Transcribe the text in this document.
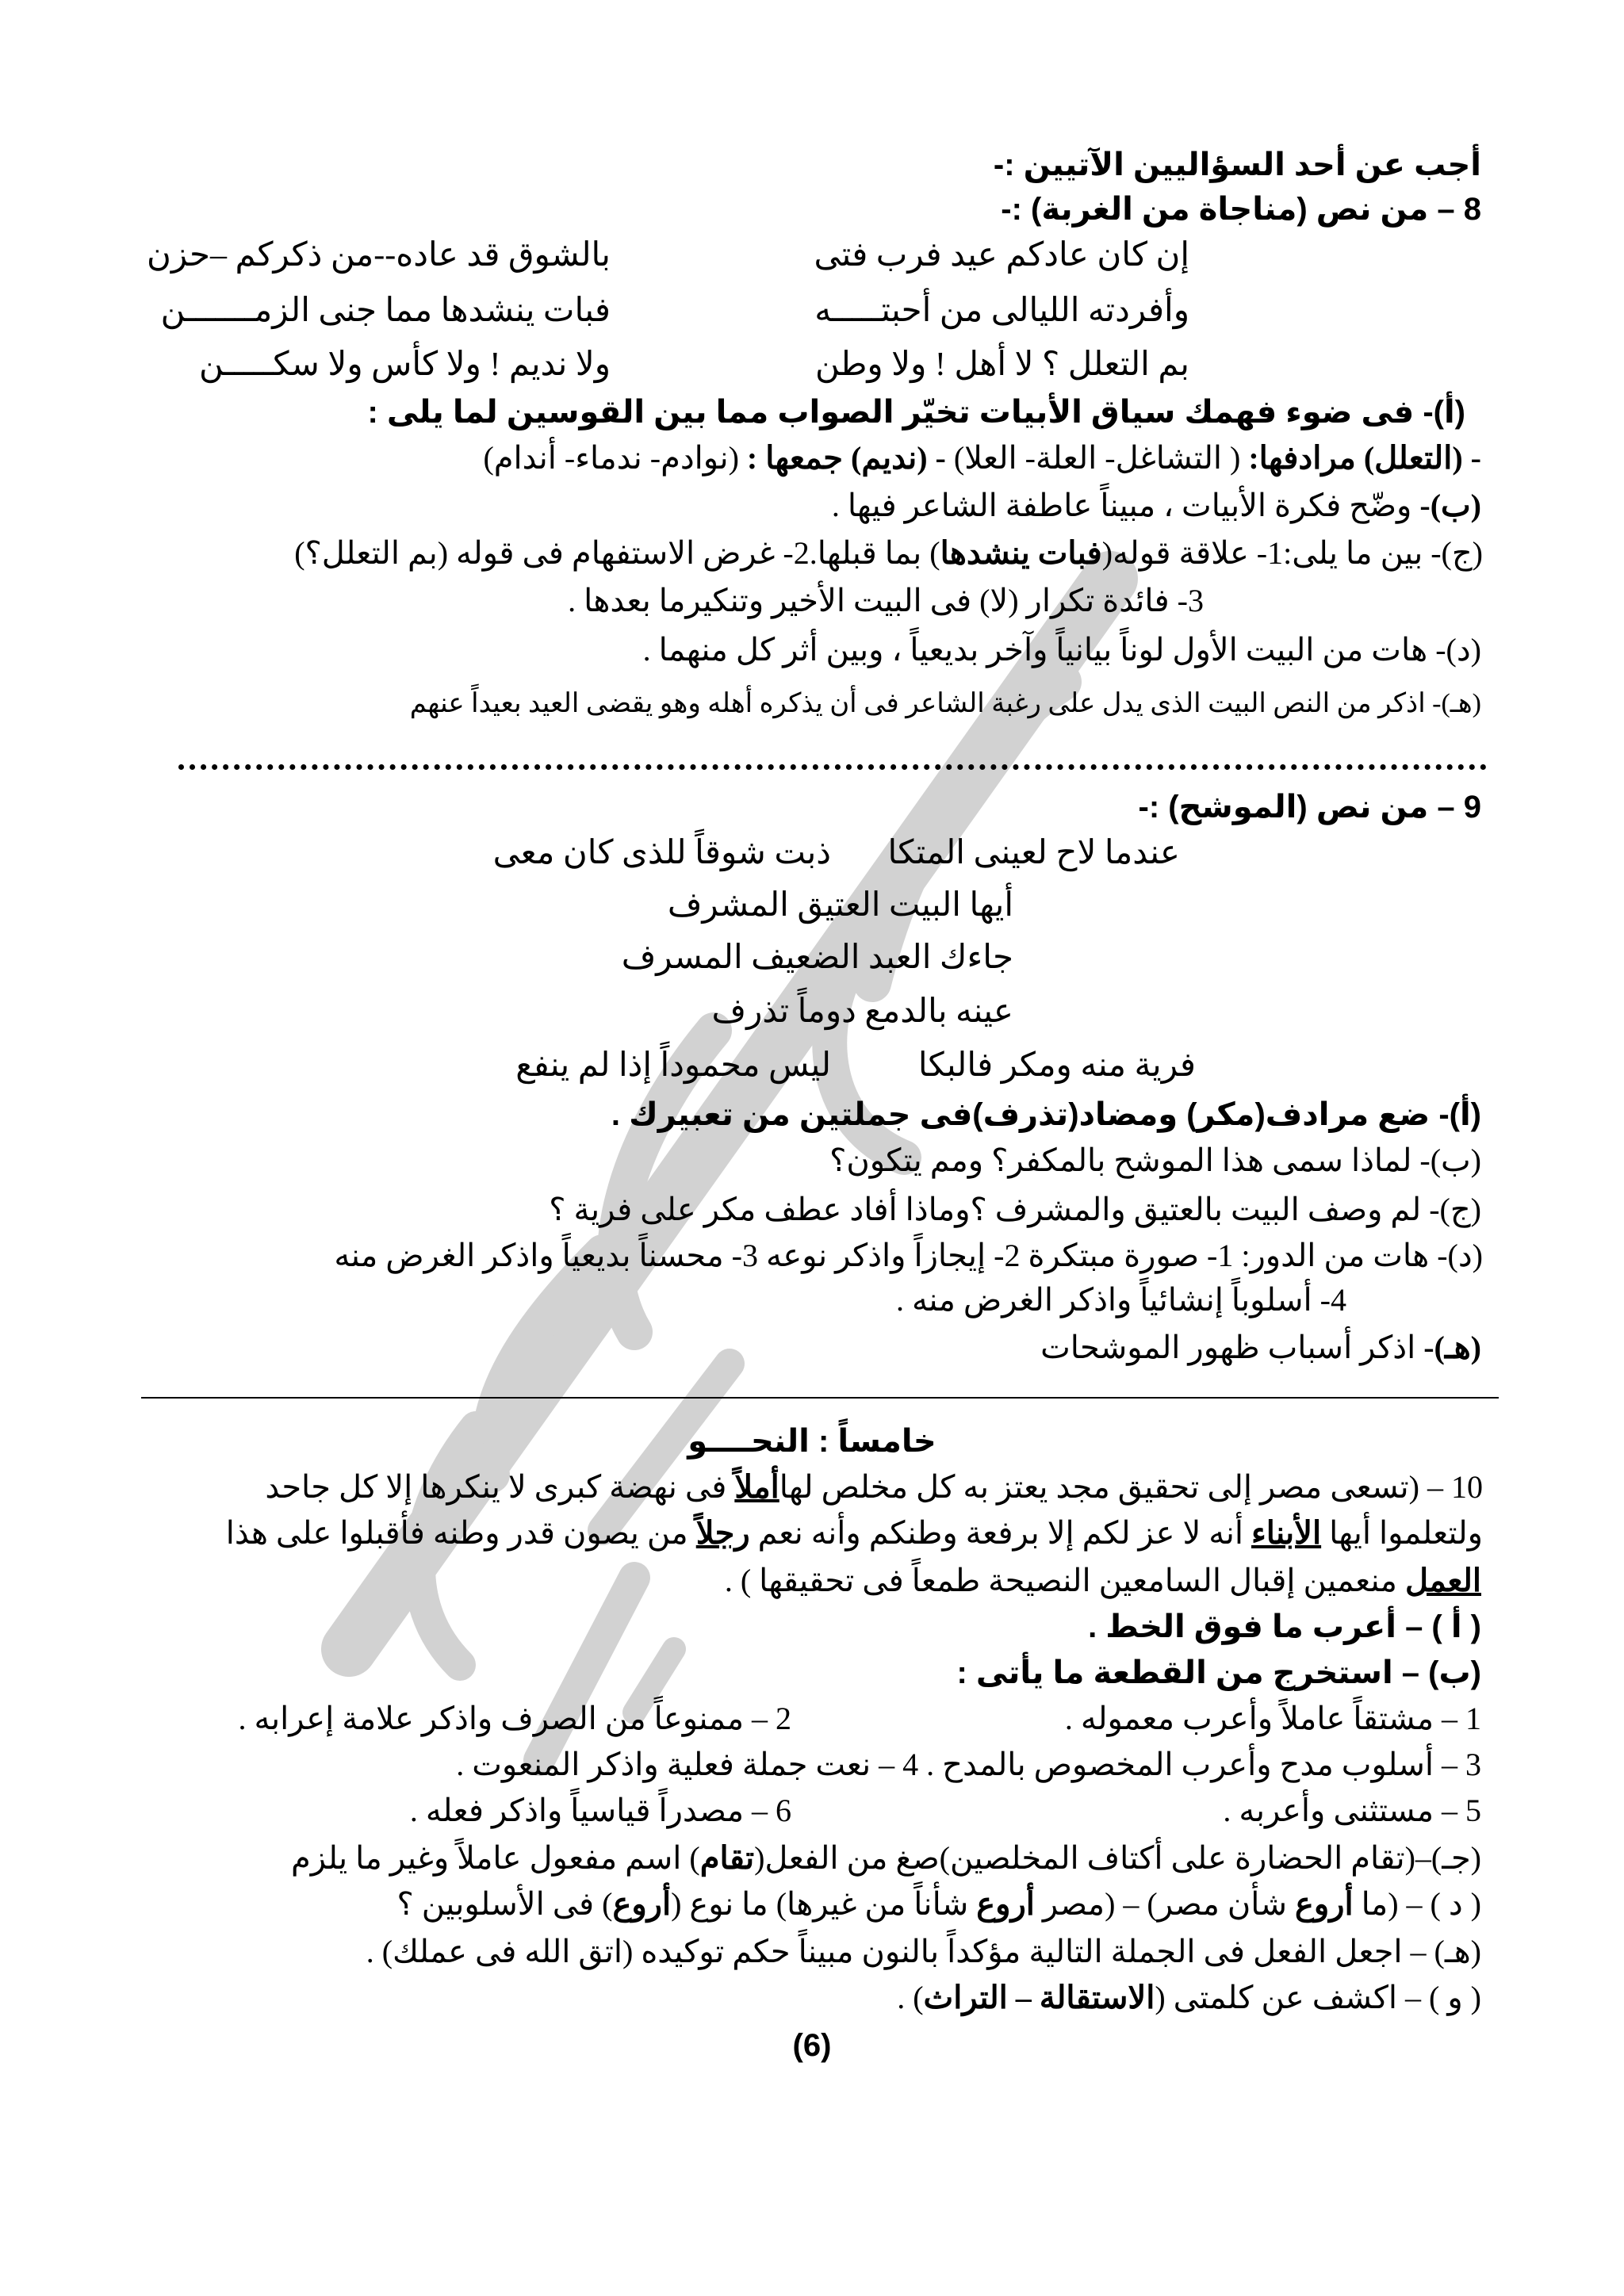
أجب عن أحد السؤاليين الآتيين :-
8 – من نص (مناجاة من الغربة) :-
إن كان عادكم عيد فرب فتى
بالشوق قد عاده--من ذكركم –حزن
وأفردته الليالى من أحبتـــــه
فبات ينشدها مما جنى الزمـــــــن
بم التعلل ؟ لا أهل ! ولا وطن
ولا نديم ! ولا كأس ولا سكـــــن
(أ)- فى ضوء فهمك سياق الأبيات تخيّر الصواب مما بين القوسين لما يلى :
- (التعلل) مرادفها: ( التشاغل- العلة- العلا) - (نديم) جمعها : (نوادم- ندماء- أندام)
(ب)- وضّح فكرة الأبيات ، مبيناً عاطفة الشاعر فيها .
(ج)- بين ما يلى:1- علاقة قوله(فبات ينشدها) بما قبلها.2- غرض الاستفهام فى قوله (بم التعلل؟)
3- فائدة تكرار (لا) فى البيت الأخير وتنكيرما بعدها .
(د)- هات من البيت الأول لوناً بيانياً وآخر بديعياً ، وبين أثر كل منهما .
(هـ)- اذكر من النص البيت الذى يدل على رغبة الشاعر فى أن يذكره أهله وهو يقضى العيد بعيداً عنهم
9 – من نص (الموشح) :-
عندما لاح لعينى المتكا
ذبت شوقاً للذى كان معى
أيها البيت العتيق المشرف
جاءك العبد الضعيف المسرف
عينه بالدمع دوماً تذرف
فرية منه ومكر فالبكا
ليس محموداً إذا لم ينفع
(أ)- ضع مرادف(مكر) ومضاد(تذرف)فى جملتين من تعبيرك .
(ب)- لماذا سمى هذا الموشح بالمكفر؟ ومم يتكون؟
(ج)- لم وصف البيت بالعتيق والمشرف ؟وماذا أفاد عطف مكر على فرية ؟
(د)- هات من الدور: 1- صورة مبتكرة 2- إيجازاً واذكر نوعه 3- محسناً بديعياً واذكر الغرض منه
4- أسلوباً إنشائياً واذكر الغرض منه .
(هـ)- اذكر أسباب ظهور الموشحات
خامساً : النحــــو
10 – (تسعى مصر إلى تحقيق مجد يعتز به كل مخلص لهاأملاً فى نهضة كبرى لا ينكرها إلا كل جاحد
ولتعلموا أيها الأبناء أنه لا عز لكم إلا برفعة وطنكم وأنه نعم رجلاً من يصون قدر وطنه فأقبلوا على هذا
العمل منعمين إقبال السامعين النصيحة طمعاً فى تحقيقها ) .
( أ ) – أعرب ما فوق الخط .
(ب) – استخرج من القطعة ما يأتى :
1 – مشتقاً عاملاً وأعرب معموله .
2 – ممنوعاً من الصرف واذكر علامة إعرابه .
3 – أسلوب مدح وأعرب المخصوص بالمدح . 4 – نعت جملة فعلية واذكر المنعوت .
5 – مستثنى وأعربه .
6 – مصدراً قياسياً واذكر فعله .
(جـ)–(تقام الحضارة على أكتاف المخلصين)صغ من الفعل(تقام) اسم مفعول عاملاً وغير ما يلزم
( د ) – (ما أروع شأن مصر) – (مصر أروع شأناً من غيرها) ما نوع (أروع) فى الأسلوبين ؟
(هـ) – اجعل الفعل فى الجملة التالية مؤكداً بالنون مبيناً حكم توكيده (اتق الله فى عملك) .
( و ) – اكشف عن كلمتى (الاستقالة – التراث) .
(6)
